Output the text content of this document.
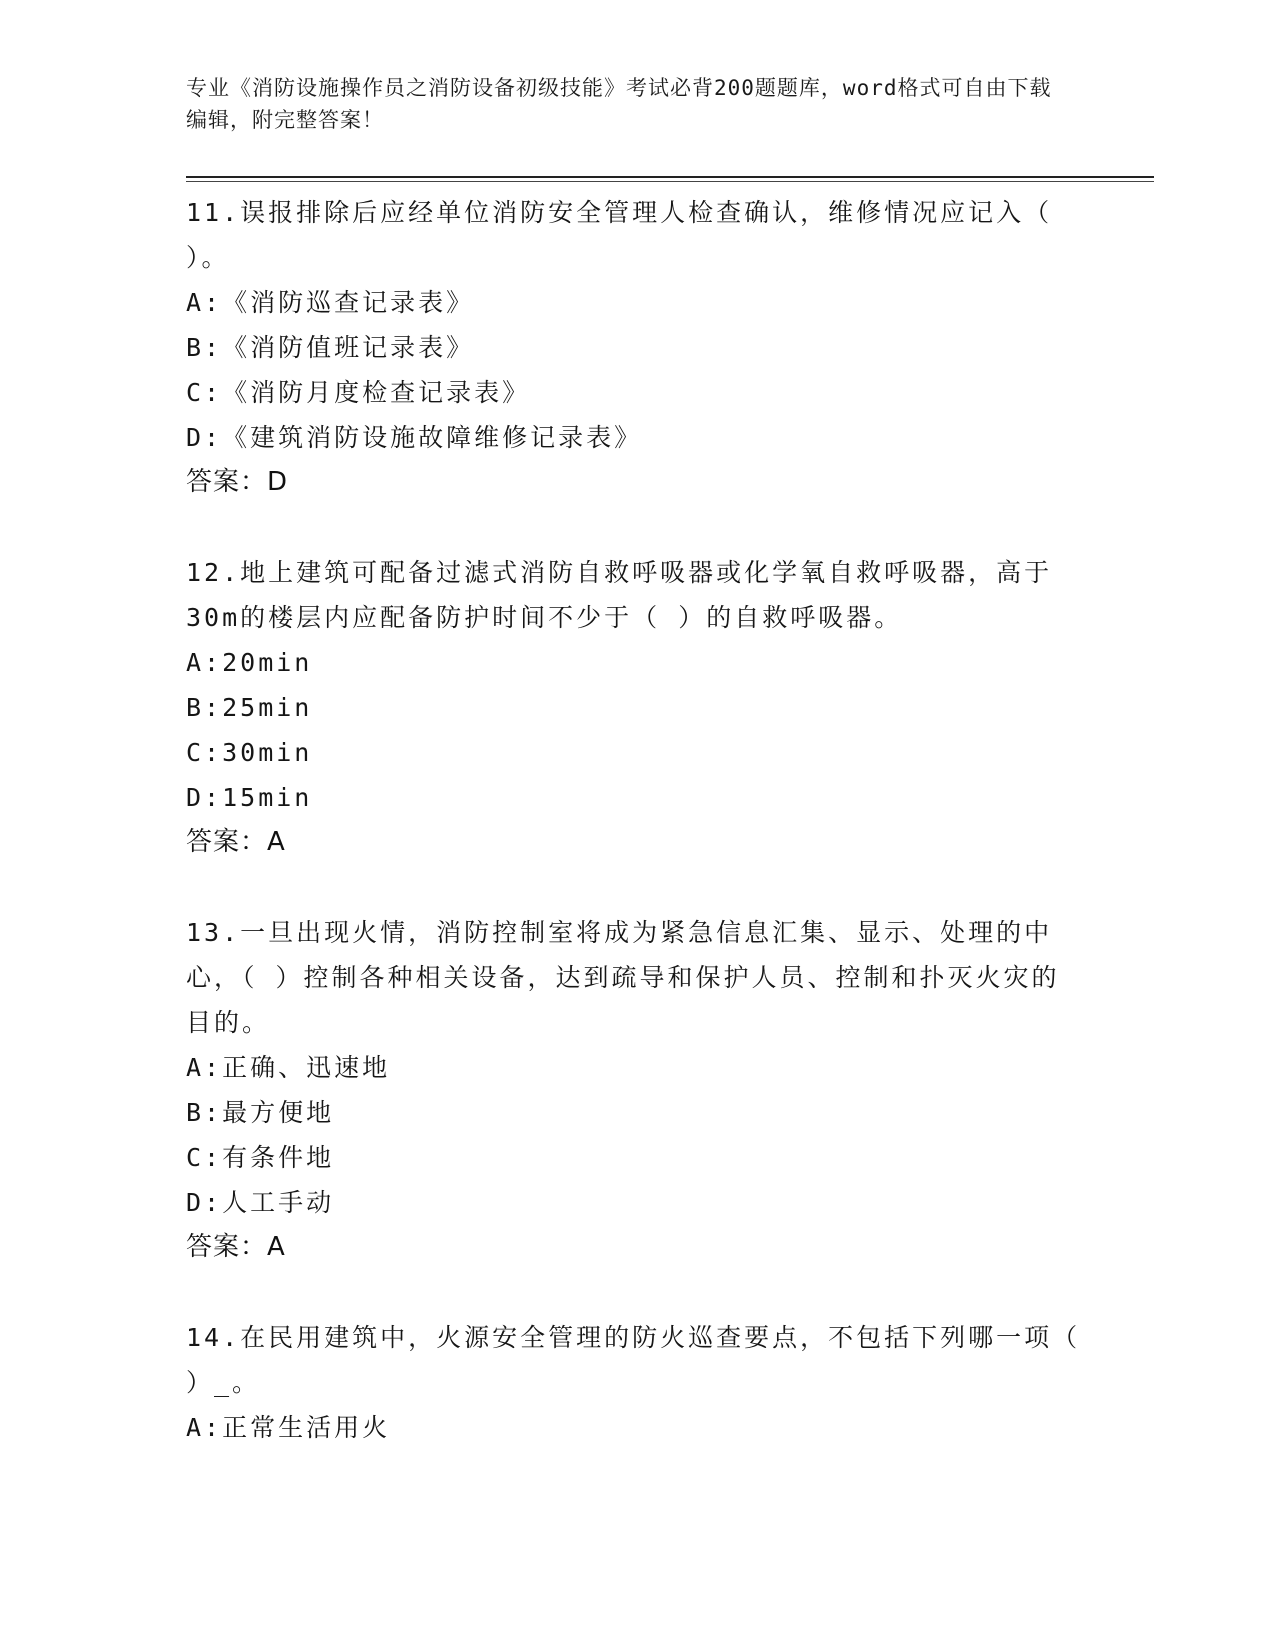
专业《消防设施操作员之消防设备初级技能》考试必背200题题库，word格式可自由下载编辑，附完整答案！

11.误报排除后应经单位消防安全管理人检查确认，维修情况应记入（ ）。

A:《消防巡查记录表》

B:《消防值班记录表》

C:《消防月度检查记录表》

D:《建筑消防设施故障维修记录表》

答案：D

12.地上建筑可配备过滤式消防自救呼吸器或化学氧自救呼吸器，高于30m的楼层内应配备防护时间不少于（ ）的自救呼吸器。

A:20min

B:25min

C:30min

D:15min

答案：A

13.一旦出现火情，消防控制室将成为紧急信息汇集、显示、处理的中心，（ ）控制各种相关设备，达到疏导和保护人员、控制和扑灭火灾的目的。

A:正确、迅速地

B:最方便地

C:有条件地

D:人工手动

答案：A

14.在民用建筑中，火源安全管理的防火巡查要点，不包括下列哪一项（ ）_。

A:正常生活用火
